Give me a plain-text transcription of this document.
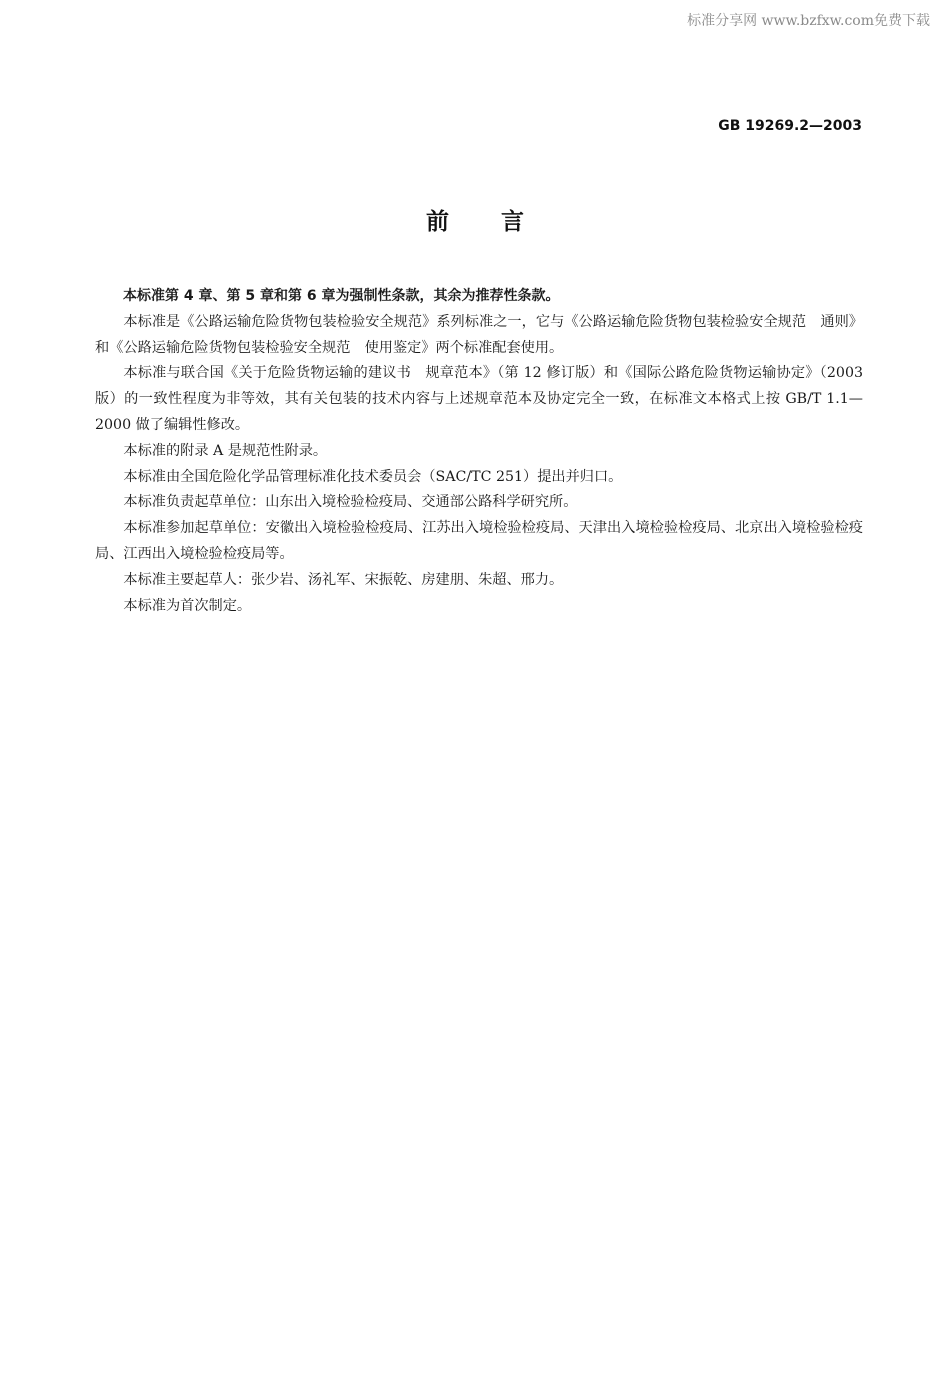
标准分享网 www.bzfxw.com免费下载
GB 19269.2—2003
前言

本标准第 4 章、第 5 章和第 6 章为强制性条款，其余为推荐性条款。

本标准是《公路运输危险货物包装检验安全规范》系列标准之一，它与《公路运输危险货物包装检验安全规范　通则》和《公路运输危险货物包装检验安全规范　使用鉴定》两个标准配套使用。

本标准与联合国《关于危险货物运输的建议书　规章范本》（第 12 修订版）和《国际公路危险货物运输协定》（2003 版）的一致性程度为非等效，其有关包装的技术内容与上述规章范本及协定完全一致，在标准文本格式上按 GB/T 1.1—2000 做了编辑性修改。

本标准的附录 A 是规范性附录。

本标准由全国危险化学品管理标准化技术委员会（SAC/TC 251）提出并归口。

本标准负责起草单位：山东出入境检验检疫局、交通部公路科学研究所。

本标准参加起草单位：安徽出入境检验检疫局、江苏出入境检验检疫局、天津出入境检验检疫局、北京出入境检验检疫局、江西出入境检验检疫局等。

本标准主要起草人：张少岩、汤礼军、宋振乾、房建朋、朱超、邢力。

本标准为首次制定。
